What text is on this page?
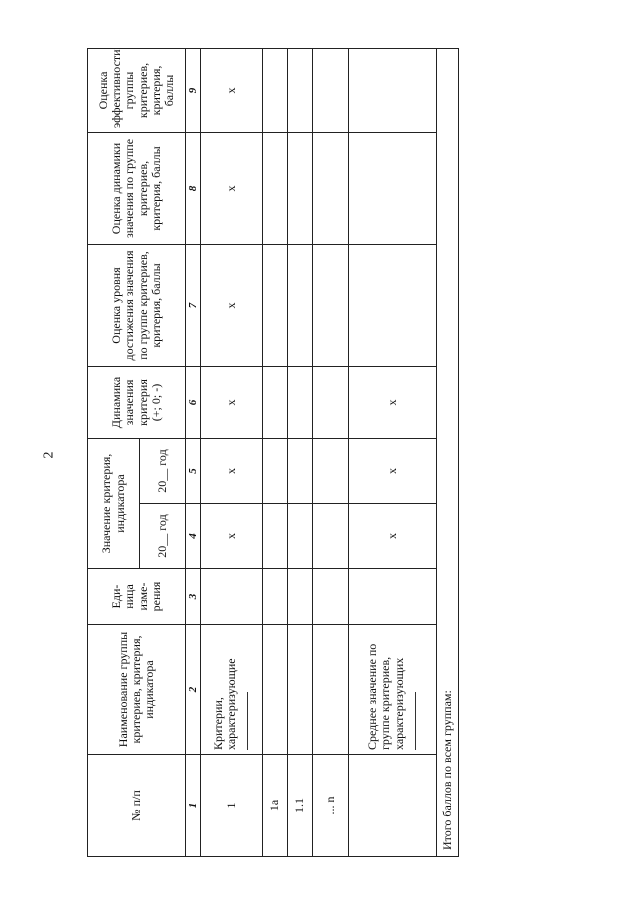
2
№ п/п	Наименование группы критериев, критерия, индикатора	Еди- ница изме- рения	Значение критерия, индикатора		Динамика значения критерия (+; 0; -)	Оценка уровня достижения значения по группе критериев, критерия, баллы	Оценка динамики значения по группе критериев, критерия, баллы	Оценка эффективности группы критериев, критерия, баллы
			20__ год	20__ год				
1	2	3	4	5	6	7	8	9
1	Критерии, характеризующие		x	x	x	x	x	x
1а								
1.1								
... n								
	Среднее значение по группе критериев, характеризующих		x	x	x			
Итого баллов по всем группам:								
